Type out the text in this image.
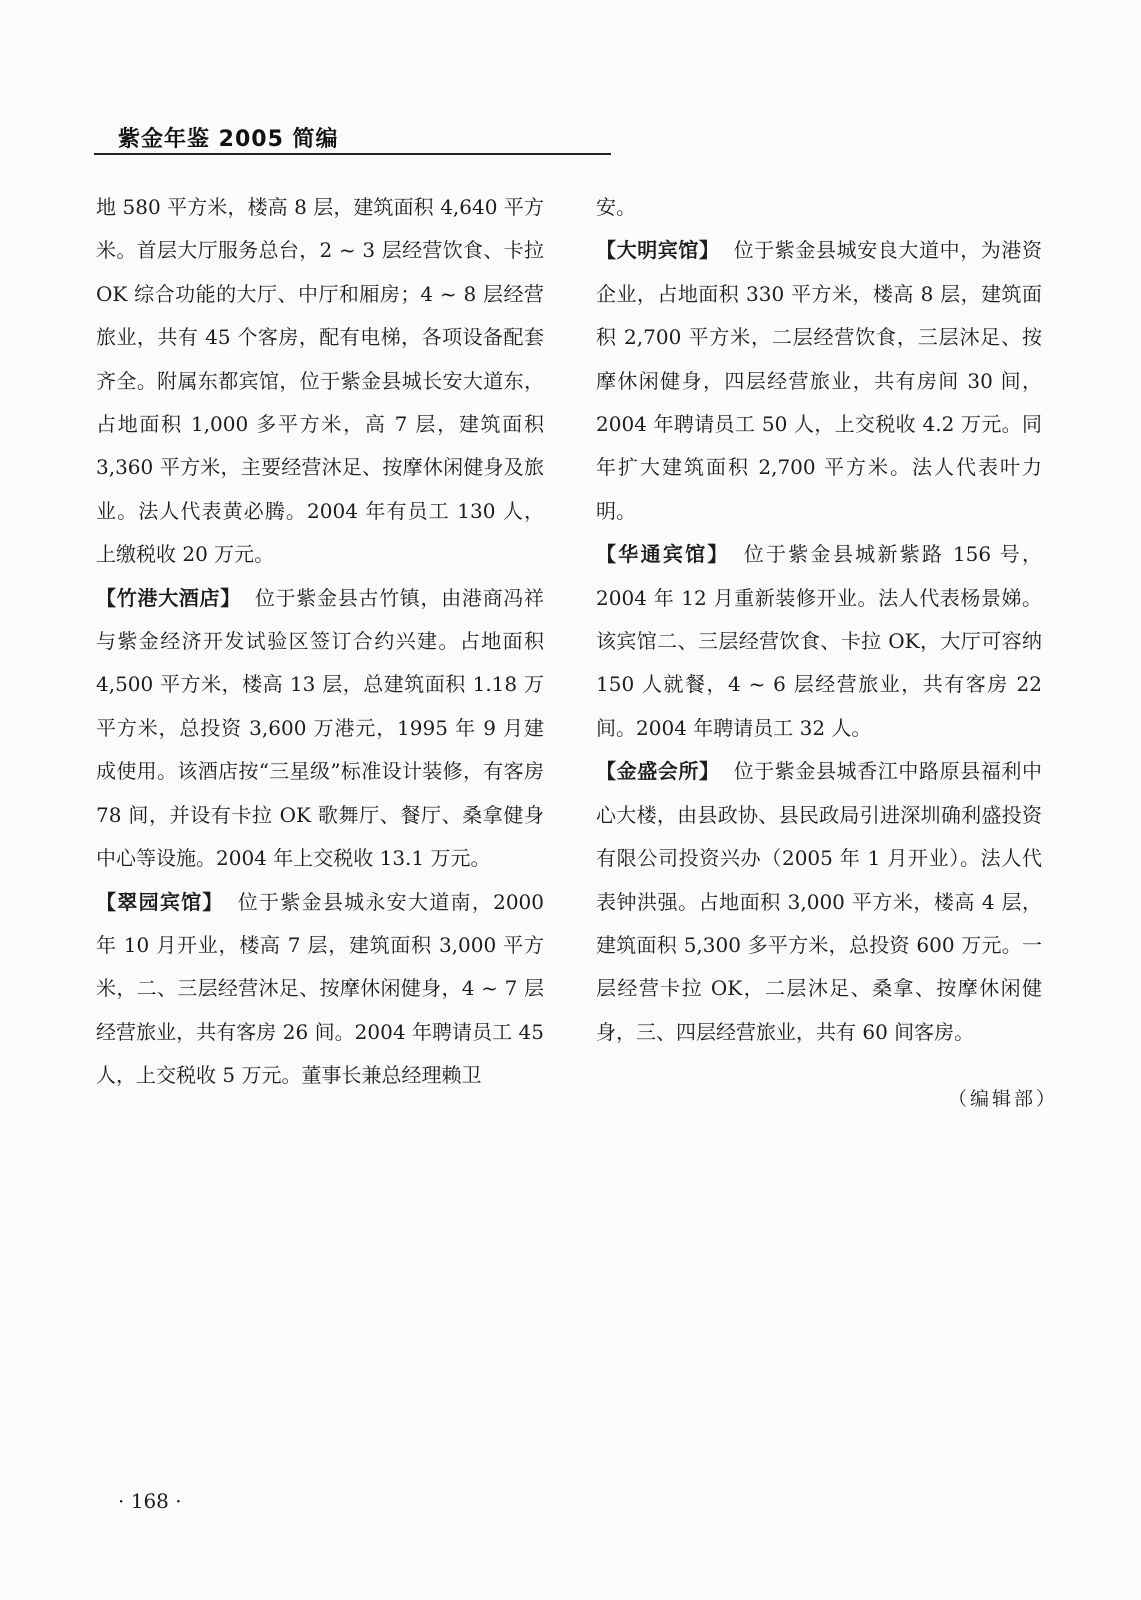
紫金年鉴 2005 简编

地 580 平方米，楼高 8 层，建筑面积 4,640 平方米。首层大厅服务总台，2 ~ 3 层经营饮食、卡拉 OK 综合功能的大厅、中厅和厢房；4 ~ 8 层经营旅业，共有 45 个客房，配有电梯，各项设备配套齐全。附属东都宾馆，位于紫金县城长安大道东，占地面积 1,000 多平方米，高 7 层，建筑面积 3,360 平方米，主要经营沐足、按摩休闲健身及旅业。法人代表黄必腾。2004 年有员工 130 人，上缴税收 20 万元。

【竹港大酒店】 位于紫金县古竹镇，由港商冯祥与紫金经济开发试验区签订合约兴建。占地面积 4,500 平方米，楼高 13 层，总建筑面积 1.18 万平方米，总投资 3,600 万港元，1995 年 9 月建成使用。该酒店按“三星级”标准设计装修，有客房 78 间，并设有卡拉 OK 歌舞厅、餐厅、桑拿健身中心等设施。2004 年上交税收 13.1 万元。

【翠园宾馆】 位于紫金县城永安大道南，2000 年 10 月开业，楼高 7 层，建筑面积 3,000 平方米，二、三层经营沐足、按摩休闲健身，4 ~ 7 层经营旅业，共有客房 26 间。2004 年聘请员工 45 人，上交税收 5 万元。董事长兼总经理赖卫

安。

【大明宾馆】 位于紫金县城安良大道中，为港资企业，占地面积 330 平方米，楼高 8 层，建筑面积 2,700 平方米，二层经营饮食，三层沐足、按摩休闲健身，四层经营旅业，共有房间 30 间，2004 年聘请员工 50 人，上交税收 4.2 万元。同年扩大建筑面积 2,700 平方米。法人代表叶力明。

【华通宾馆】 位于紫金县城新紫路 156 号，2004 年 12 月重新装修开业。法人代表杨景娣。该宾馆二、三层经营饮食、卡拉 OK，大厅可容纳 150 人就餐，4 ~ 6 层经营旅业，共有客房 22 间。2004 年聘请员工 32 人。

【金盛会所】 位于紫金县城香江中路原县福利中心大楼，由县政协、县民政局引进深圳确利盛投资有限公司投资兴办（2005 年 1 月开业）。法人代表钟洪强。占地面积 3,000 平方米，楼高 4 层，建筑面积 5,300 多平方米，总投资 600 万元。一层经营卡拉 OK，二层沐足、桑拿、按摩休闲健身，三、四层经营旅业，共有 60 间客房。

（编辑部）
· 168 ·
